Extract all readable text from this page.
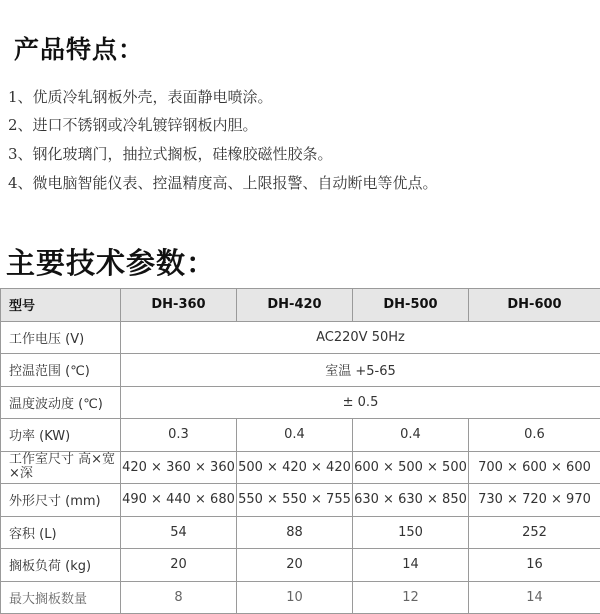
产品特点：
1、优质冷轧钢板外壳，表面静电喷涂。
2、进口不锈钢或冷轧镀锌钢板内胆。
3、钢化玻璃门，抽拉式搁板，硅橡胶磁性胶条。
4、微电脑智能仪表、控温精度高、上限报警、自动断电等优点。
主要技术参数：
型号	DH-360	DH-420	DH-500	DH-600
工作电压 (V)	AC220V 50Hz			
控温范围 (℃)	室温 +5-65			
温度波动度 (℃)	± 0.5			
功率 (KW)	0.3	0.4	0.4	0.6
工作室尺寸 高×宽×深	420 × 360 × 360	500 × 420 × 420	600 × 500 × 500	700 × 600 × 600
外形尺寸 (mm)	490 × 440 × 680	550 × 550 × 755	630 × 630 × 850	730 × 720 × 970
容积 (L)	54	88	150	252
搁板负荷 (kg)	20	20	14	16
最大搁板数量	8	10	12	14
